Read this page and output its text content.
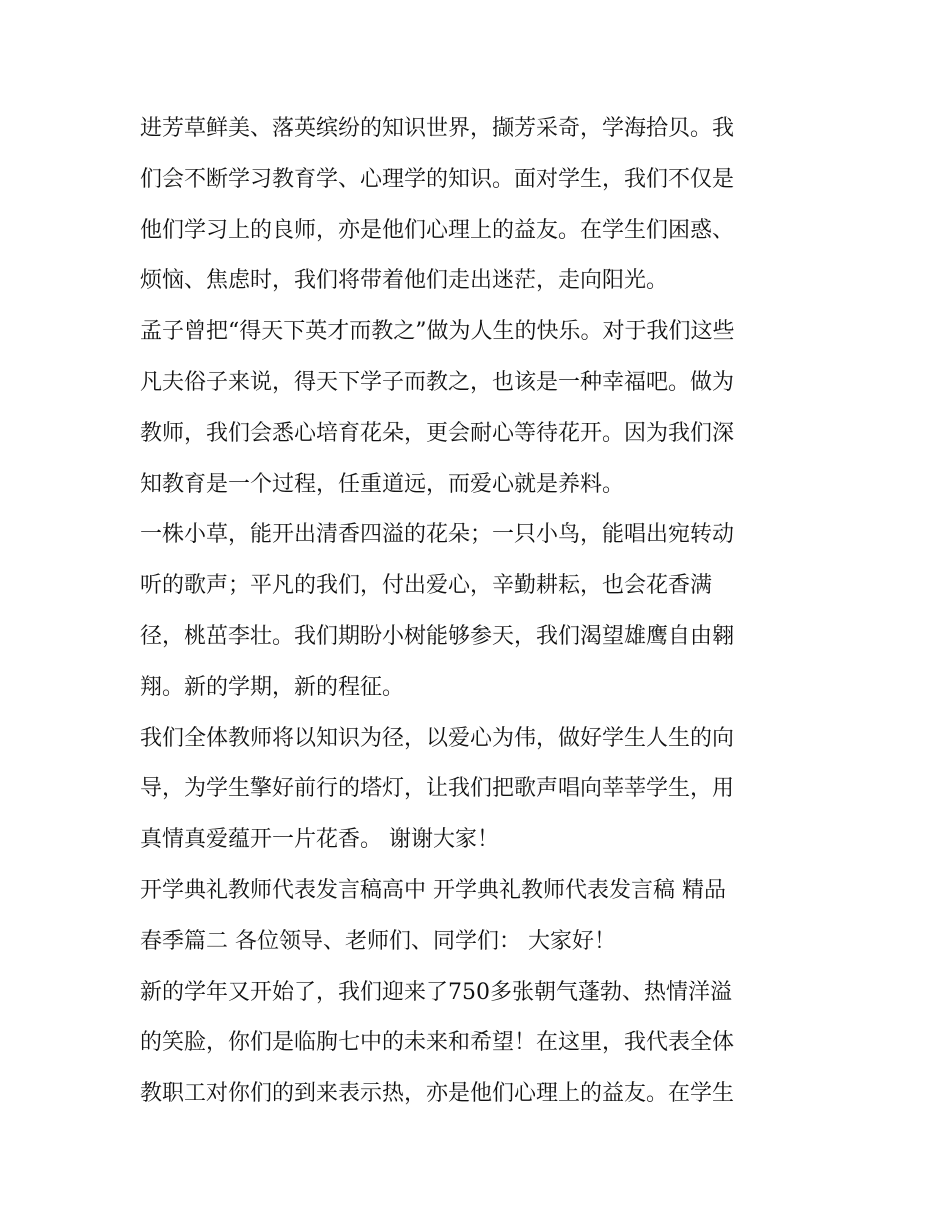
进芳草鲜美、落英缤纷的知识世界，撷芳采奇，学海拾贝。我
们会不断学习教育学、心理学的知识。面对学生，我们不仅是
他们学习上的良师，亦是他们心理上的益友。在学生们困惑、
烦恼、焦虑时，我们将带着他们走出迷茫，走向阳光。
孟子曾把“得天下英才而教之”做为人生的快乐。对于我们这些
凡夫俗子来说，得天下学子而教之，也该是一种幸福吧。做为
教师，我们会悉心培育花朵，更会耐心等待花开。因为我们深
知教育是一个过程，任重道远，而爱心就是养料。
一株小草，能开出清香四溢的花朵；一只小鸟，能唱出宛转动
听的歌声；平凡的我们，付出爱心，辛勤耕耘，也会花香满
径，桃茁李壮。我们期盼小树能够参天，我们渴望雄鹰自由翱
翔。新的学期，新的程征。
我们全体教师将以知识为径，以爱心为伟，做好学生人生的向
导，为学生擎好前行的塔灯，让我们把歌声唱向莘莘学生，用
真情真爱蕴开一片花香。 谢谢大家！
开学典礼教师代表发言稿高中 开学典礼教师代表发言稿 精品
春季篇二 各位领导、老师们、同学们： 大家好！
新的学年又开始了，我们迎来了750多张朝气蓬勃、热情洋溢
的笑脸，你们是临朐七中的未来和希望！在这里，我代表全体
教职工对你们的到来表示热，亦是他们心理上的益友。在学生
